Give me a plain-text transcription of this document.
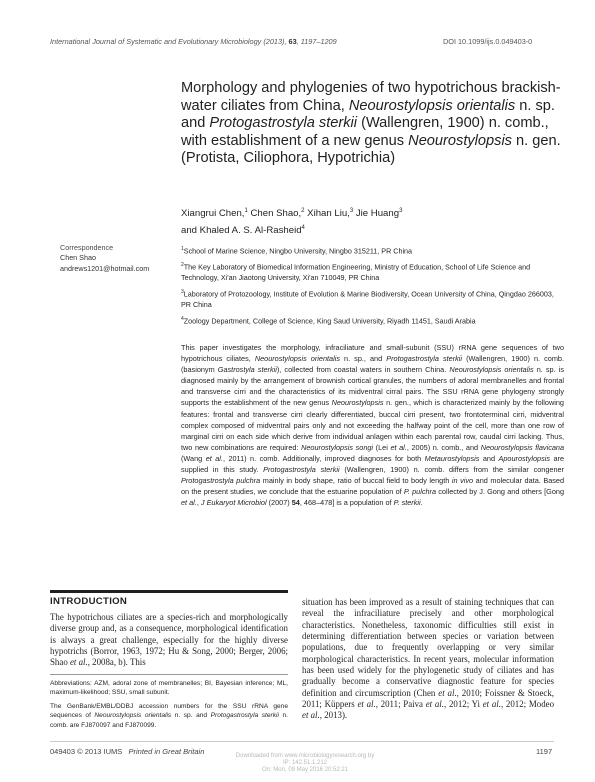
International Journal of Systematic and Evolutionary Microbiology (2013), 63, 1197–1209	DOI 10.1099/ijs.0.049403-0
Morphology and phylogenies of two hypotrichous brackish-water ciliates from China, Neourostylopsis orientalis n. sp. and Protogastrostyla sterkii (Wallengren, 1900) n. comb., with establishment of a new genus Neourostylopsis n. gen. (Protista, Ciliophora, Hypotrichia)
Xiangrui Chen,$^1$ Chen Shao,$^2$ Xihan Liu,$^3$ Jie Huang$^3$
and Khaled A. S. Al-Rasheid$^4$
Correspondence
Chen Shao
andrews1201@hotmail.com
$^1$School of Marine Science, Ningbo University, Ningbo 315211, PR China
$^2$The Key Laboratory of Biomedical Information Engineering, Ministry of Education, School of Life Science and Technology, Xi'an Jiaotong University, Xi'an 710049, PR China
$^3$Laboratory of Protozoology, Institute of Evolution & Marine Biodiversity, Ocean University of China, Qingdao 266003, PR China
$^4$Zoology Department, College of Science, King Saud University, Riyadh 11451, Saudi Arabia
This paper investigates the morphology, infraciliature and small-subunit (SSU) rRNA gene sequences of two hypotrichous ciliates, Neourostylopsis orientalis n. sp., and Protogastrostyla sterkii (Wallengren, 1900) n. comb. (basionym Gastrostyla sterkii), collected from coastal waters in southern China. Neourostylopsis orientalis n. sp. is diagnosed mainly by the arrangement of brownish cortical granules, the numbers of adoral membranelles and frontal and transverse cirri and the characteristics of its midventral cirral pairs. The SSU rRNA gene phylogeny strongly supports the establishment of the new genus Neourostylopsis n. gen., which is characterized mainly by the following features: frontal and transverse cirri clearly differentiated, buccal cirri present, two frontoterminal cirri, midventral complex composed of midventral pairs only and not exceeding the halfway point of the cell, more than one row of marginal cirri on each side which derive from individual anlagen within each parental row, caudal cirri lacking. Thus, two new combinations are required: Neourostylopsis songi (Lei et al., 2005) n. comb., and Neourostylopsis flavicana (Wang et al., 2011) n. comb. Additionally, improved diagnoses for both Metaurostylopsis and Apourostylopsis are supplied in this study. Protogastrostyla sterkii (Wallengren, 1900) n. comb. differs from the similar congener Protogastrostyla pulchra mainly in body shape, ratio of buccal field to body length in vivo and molecular data. Based on the present studies, we conclude that the estuarine population of P. pulchra collected by J. Gong and others [Gong et al., J Eukaryot Microbiol (2007) 54, 468–478] is a population of P. sterkii.
INTRODUCTION
The hypotrichous ciliates are a species-rich and morphologically diverse group and, as a consequence, morphological identification is always a great challenge, especially for the highly diverse hypotrichs (Borror, 1963, 1972; Hu & Song, 2000; Berger, 2006; Shao et al., 2008a, b). This
situation has been improved as a result of staining techniques that can reveal the infraciliature precisely and other morphological characteristics. Nonetheless, taxonomic difficulties still exist in determining differentiation between species or variation between populations, due to frequently overlapping or very similar morphological characteristics. In recent years, molecular information has been used widely for the phylogenetic study of ciliates and has gradually become a conservative diagnostic feature for species definition and circumscription (Chen et al., 2010; Foissner & Stoeck, 2011; Küppers et al., 2011; Paiva et al., 2012; Yi et al., 2012; Modeo et al., 2013).
Abbreviations: AZM, adoral zone of membranelles; BI, Bayesian inference; ML, maximum-likelihood; SSU, small subunit.
The GenBank/EMBL/DDBJ accession numbers for the SSU rRNA gene sequences of Neourostylopsis orientalis n. sp. and Protogastrostyla sterkii n. comb. are FJ870097 and FJ870099.
049403 © 2013 IUMS Printed in Great Britain	1197
Downloaded from www.microbiologyresearch.org by
IP: 142.51.1.212
On: Mon, 09 May 2016 20:52:21
